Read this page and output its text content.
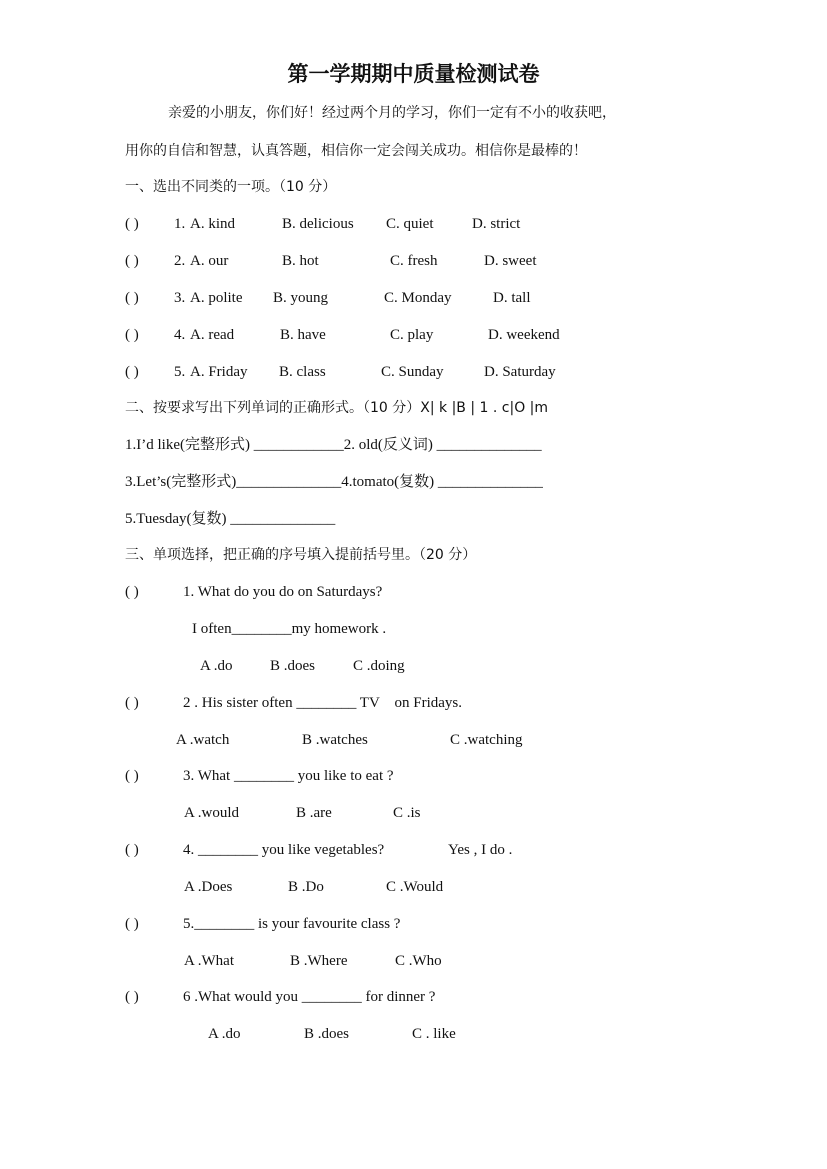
第一学期期中质量检测试卷
亲爱的小朋友，你们好！经过两个月的学习，你们一定有不小的收获吧，
用你的自信和智慧，认真答题，相信你一定会闯关成功。相信你是最棒的！
一、选出不同类的一项。（10 分）
( ) 1. A. kind	B. delicious C. quiet	D. strict
( ) 2. A. our	B. hot	C. fresh	D. sweet
( ) 3. A. polite B. young	C. Monday	D. tall
( ) 4. A. read	B. have	C. play	D. weekend
( ) 5. A. Friday B. class	C. Sunday	D. Saturday
二、按要求写出下列单词的正确形式。（10 分）X| k |B | 1 . c|O |m
1.I’d like(完整形式) ____________2. old(反义词) ______________
3.Let’s(完整形式)______________4.tomato(复数) ______________
5.Tuesday(复数) ______________
三、单项选择，把正确的序号填入提前括号里。（20 分）
( )	1. What do you do on Saturdays?
I often________my homework .
A .do B .does	C .doing
( )	2 . His sister often ________ TV    on Fridays.
A .watch	B .watches	C .watching
( )	3. What ________ you like to eat ?
A .would	B .are	C .is
( )	4. ________ you like vegetables?	Yes , I do .
A .Does	B .Do	C .Would
( )	5.________ is your favourite class ?
A .What	B .Where	C .Who
( )	6 .What would you ________ for dinner ?
A .do	B .does	C . like
